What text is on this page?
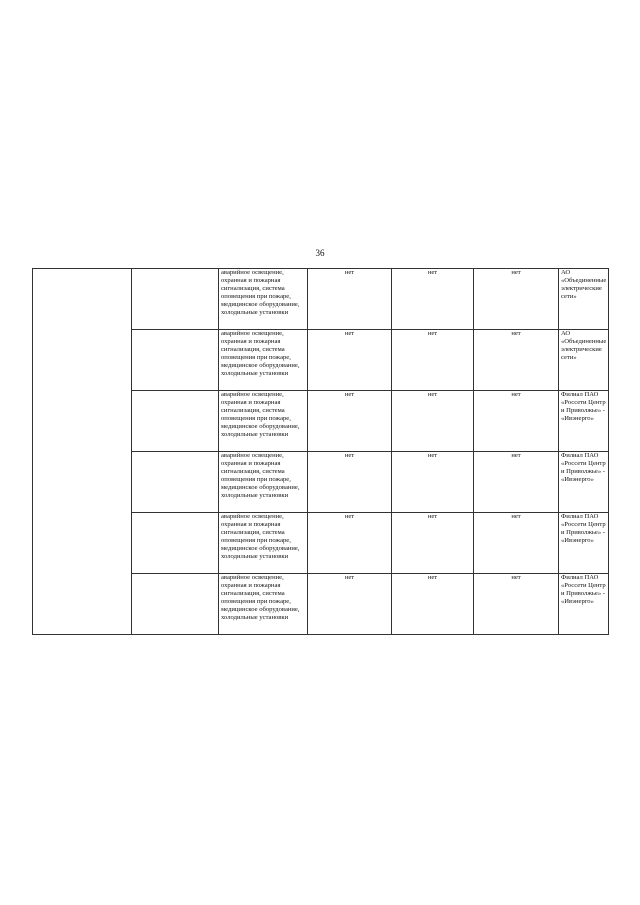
36
		аварийное освещение, охранная и пожарная сигнализация, система оповещения при пожаре, медицинское оборудование, холодильные установки	нет	нет	нет	АО «Объединенные электрические сети»
		аварийное освещение, охранная и пожарная сигнализация, система оповещения при пожаре, медицинское оборудование, холодильные установки	нет	нет	нет	АО «Объединенные электрические сети»
		аварийное освещение, охранная и пожарная сигнализация, система оповещения при пожаре, медицинское оборудование, холодильные установки	нет	нет	нет	Филиал ПАО «Россети Центр и Приволжье» - «Ивэнерго»
		аварийное освещение, охранная и пожарная сигнализация, система оповещения при пожаре, медицинское оборудование, холодильные установки	нет	нет	нет	Филиал ПАО «Россети Центр и Приволжье» - «Ивэнерго»
		аварийное освещение, охранная и пожарная сигнализация, система оповещения при пожаре, медицинское оборудование, холодильные установки	нет	нет	нет	Филиал ПАО «Россети Центр и Приволжье» - «Ивэнерго»
		аварийное освещение, охранная и пожарная сигнализация, система оповещения при пожаре, медицинское оборудование, холодильные установки	нет	нет	нет	Филиал ПАО «Россети Центр и Приволжье» - «Ивэнерго»
